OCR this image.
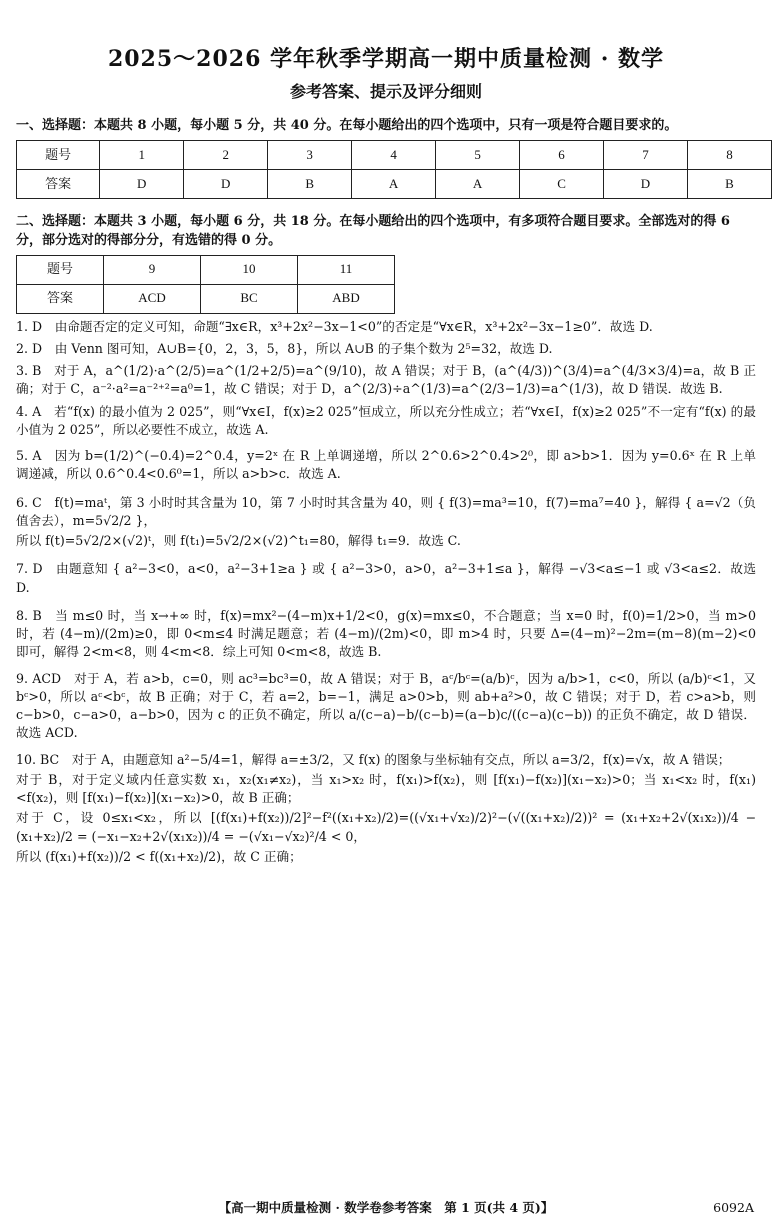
2025～2026 学年秋季学期高一期中质量检测 · 数学
参考答案、提示及评分细则
一、选择题：本题共 8 小题，每小题 5 分，共 40 分。在每小题给出的四个选项中，只有一项是符合题目要求的。
题号	1	2	3	4	5	6	7	8
答案	D	D	B	A	A	C	D	B
二、选择题：本题共 3 小题，每小题 6 分，共 18 分。在每小题给出的四个选项中，有多项符合题目要求。全部选对的得 6 分，部分选对的得部分分，有选错的得 0 分。
题号	9	10	11
答案	ACD	BC	ABD

1. D　由命题否定的定义可知，命题“∃x∈R，x³+2x²−3x−1<0”的否定是“∀x∈R，x³+2x²−3x−1≥0”．故选 D.

2. D　由 Venn 图可知，A∪B={0，2，3，5，8}，所以 A∪B 的子集个数为 2⁵=32，故选 D.

3. B　对于 A，a^(1/2)·a^(2/5)=a^(1/2+2/5)=a^(9/10)，故 A 错误；对于 B，(a^(4/3))^(3/4)=a^(4/3×3/4)=a，故 B 正确；对于 C，a⁻²·a²=a⁻²⁺²=a⁰=1，故 C 错误；对于 D，a^(2/3)÷a^(1/3)=a^(2/3−1/3)=a^(1/3)，故 D 错误．故选 B.

4. A　若“f(x) 的最小值为 2 025”，则“∀x∈I，f(x)≥2 025”恒成立，所以充分性成立；若“∀x∈I，f(x)≥2 025”不一定有“f(x) 的最小值为 2 025”，所以必要性不成立，故选 A.

5. A　因为 b=(1/2)^(−0.4)=2^0.4，y=2ˣ 在 R 上单调递增，所以 2^0.6>2^0.4>2⁰，即 a>b>1．因为 y=0.6ˣ 在 R 上单调递减，所以 0.6^0.4<0.6⁰=1，所以 a>b>c．故选 A.

6. C　f(t)=maᵗ，第 3 小时时其含量为 10，第 7 小时时其含量为 40，则 { f(3)=ma³=10，f(7)=ma⁷=40 }，解得 { a=√2（负值舍去），m=5√2/2 }，

所以 f(t)=5√2/2×(√2)ᵗ，则 f(t₁)=5√2/2×(√2)^t₁=80，解得 t₁=9．故选 C.

7. D　由题意知 { a²−3<0，a<0，a²−3+1≥a } 或 { a²−3>0，a>0，a²−3+1≤a }，解得 −√3<a≤−1 或 √3<a≤2．故选 D.

8. B　当 m≤0 时，当 x→+∞ 时，f(x)=mx²−(4−m)x+1/2<0，g(x)=mx≤0，不合题意；当 x=0 时，f(0)=1/2>0，当 m>0 时，若 (4−m)/(2m)≥0，即 0<m≤4 时满足题意；若 (4−m)/(2m)<0，即 m>4 时，只要 Δ=(4−m)²−2m=(m−8)(m−2)<0 即可，解得 2<m<8，则 4<m<8．综上可知 0<m<8，故选 B.

9. ACD　对于 A，若 a>b，c=0，则 ac³=bc³=0，故 A 错误；对于 B，aᶜ/bᶜ=(a/b)ᶜ，因为 a/b>1，c<0，所以 (a/b)ᶜ<1，又 bᶜ>0，所以 aᶜ<bᶜ，故 B 正确；对于 C，若 a=2，b=−1，满足 a>0>b，则 ab+a²>0，故 C 错误；对于 D，若 c>a>b，则 c−b>0，c−a>0，a−b>0，因为 c 的正负不确定，所以 a/(c−a)−b/(c−b)=(a−b)c/((c−a)(c−b)) 的正负不确定，故 D 错误．故选 ACD.

10. BC　对于 A，由题意知 a²−5/4=1，解得 a=±3/2，又 f(x) 的图象与坐标轴有交点，所以 a=3/2，f(x)=√x，故 A 错误；

对于 B，对于定义域内任意实数 x₁，x₂(x₁≠x₂)，当 x₁>x₂ 时，f(x₁)>f(x₂)，则 [f(x₁)−f(x₂)](x₁−x₂)>0；当 x₁<x₂ 时，f(x₁)<f(x₂)，则 [f(x₁)−f(x₂)](x₁−x₂)>0，故 B 正确；

对于 C，设 0≤x₁<x₂，所以 [(f(x₁)+f(x₂))/2]²−f²((x₁+x₂)/2)=((√x₁+√x₂)/2)²−(√((x₁+x₂)/2))² = (x₁+x₂+2√(x₁x₂))/4 − (x₁+x₂)/2 = (−x₁−x₂+2√(x₁x₂))/4 = −(√x₁−√x₂)²/4 < 0，

所以 (f(x₁)+f(x₂))/2 < f((x₁+x₂)/2)，故 C 正确；

【高一期中质量检测 · 数学卷参考答案　第 1 页(共 4 页)】	6092A
